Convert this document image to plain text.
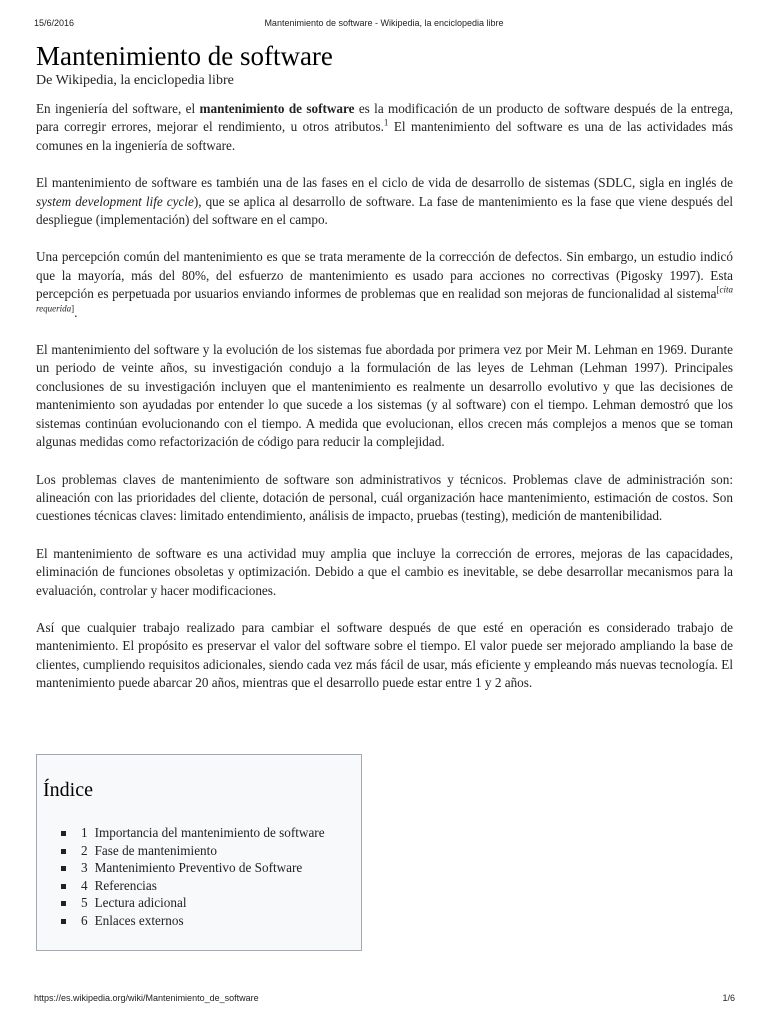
15/6/2016	Mantenimiento de software - Wikipedia, la enciclopedia libre
Mantenimiento de software
De Wikipedia, la enciclopedia libre

En ingeniería del software, el mantenimiento de software es la modificación de un producto de software después de la entrega, para corregir errores, mejorar el rendimiento, u otros atributos.$^1$ El mantenimiento del software es una de las actividades más comunes en la ingeniería de software.

El mantenimiento de software es también una de las fases en el ciclo de vida de desarrollo de sistemas (SDLC, sigla en inglés de system development life cycle), que se aplica al desarrollo de software. La fase de mantenimiento es la fase que viene después del despliegue (implementación) del software en el campo.

Una percepción común del mantenimiento es que se trata meramente de la corrección de defectos. Sin embargo, un estudio indicó que la mayoría, más del 80%, del esfuerzo de mantenimiento es usado para acciones no correctivas (Pigosky 1997). Esta percepción es perpetuada por usuarios enviando informes de problemas que en realidad son mejoras de funcionalidad al sistema[cita requerida].

El mantenimiento del software y la evolución de los sistemas fue abordada por primera vez por Meir M. Lehman en 1969. Durante un periodo de veinte años, su investigación condujo a la formulación de las leyes de Lehman (Lehman 1997). Principales conclusiones de su investigación incluyen que el mantenimiento es realmente un desarrollo evolutivo y que las decisiones de mantenimiento son ayudadas por entender lo que sucede a los sistemas (y al software) con el tiempo. Lehman demostró que los sistemas continúan evolucionando con el tiempo. A medida que evolucionan, ellos crecen más complejos a menos que se toman algunas medidas como refactorización de código para reducir la complejidad.

Los problemas claves de mantenimiento de software son administrativos y técnicos. Problemas clave de administración son: alineación con las prioridades del cliente, dotación de personal, cuál organización hace mantenimiento, estimación de costos. Son cuestiones técnicas claves: limitado entendimiento, análisis de impacto, pruebas (testing), medición de mantenibilidad.

El mantenimiento de software es una actividad muy amplia que incluye la corrección de errores, mejoras de las capacidades, eliminación de funciones obsoletas y optimización. Debido a que el cambio es inevitable, se debe desarrollar mecanismos para la evaluación, controlar y hacer modificaciones.

Así que cualquier trabajo realizado para cambiar el software después de que esté en operación es considerado trabajo de mantenimiento. El propósito es preservar el valor del software sobre el tiempo. El valor puede ser mejorado ampliando la base de clientes, cumpliendo requisitos adicionales, siendo cada vez más fácil de usar, más eficiente y empleando más nuevas tecnología. El mantenimiento puede abarcar 20 años, mientras que el desarrollo puede estar entre 1 y 2 años.

Índice
1 Importancia del mantenimiento de software
2 Fase de mantenimiento
3 Mantenimiento Preventivo de Software
4 Referencias
5 Lectura adicional
6 Enlaces externos
https://es.wikipedia.org/wiki/Mantenimiento_de_software	1/6
